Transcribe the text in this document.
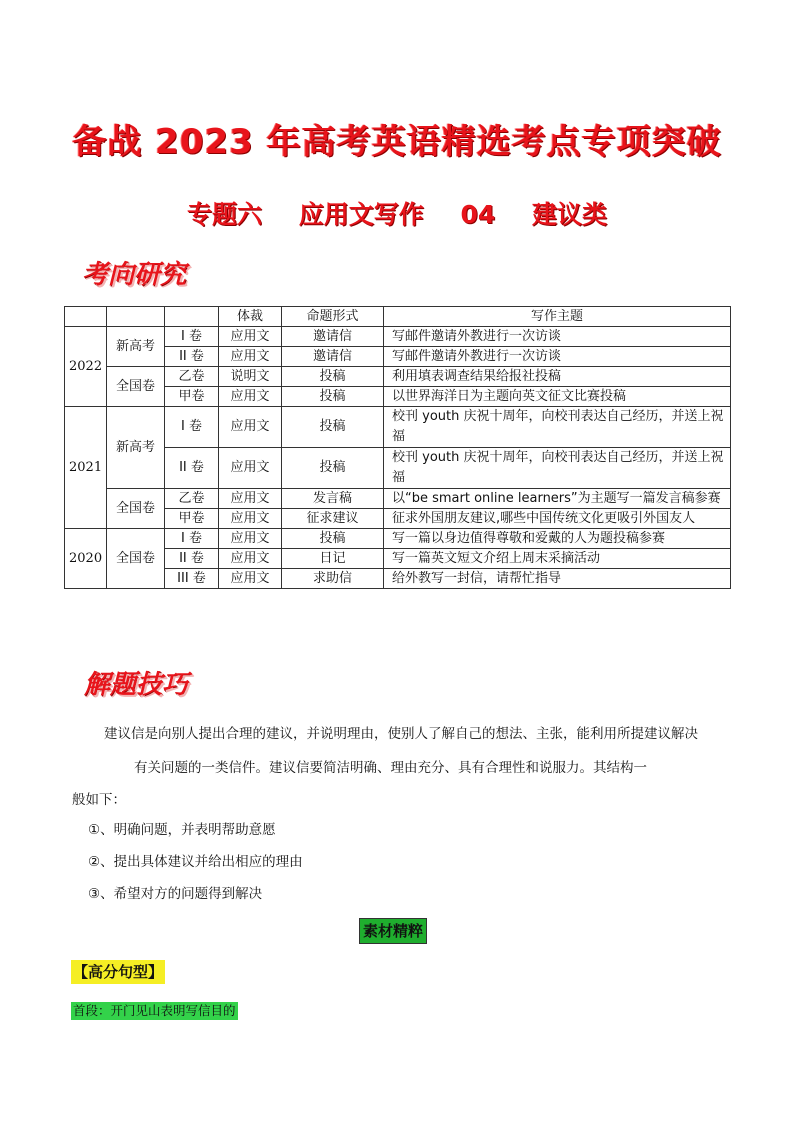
备战 2023 年高考英语精选考点专项突破
专题六 应用文写作 04 建议类
考向研究
			体裁	命题形式	写作主题
2022	新高考	I 卷	应用文	邀请信	写邮件邀请外教进行一次访谈
		II 卷	应用文	邀请信	写邮件邀请外教进行一次访谈
	全国卷	乙卷	说明文	投稿	利用填表调查结果给报社投稿
		甲卷	应用文	投稿	以世界海洋日为主题向英文征文比赛投稿
2021	新高考	I 卷	应用文	投稿	校刊 youth 庆祝十周年，向校刊表达自己经历，并送上祝福
		II 卷	应用文	投稿	校刊 youth 庆祝十周年，向校刊表达自己经历，并送上祝福
	全国卷	乙卷	应用文	发言稿	以“be smart online learners”为主题写一篇发言稿参赛
		甲卷	应用文	征求建议	征求外国朋友建议,哪些中国传统文化更吸引外国友人
2020	全国卷	I 卷	应用文	投稿	写一篇以身边值得尊敬和爱戴的人为题投稿参赛
		II 卷	应用文	日记	写一篇英文短文介绍上周末采摘活动
		III 卷	应用文	求助信	给外教写一封信，请帮忙指导
解题技巧
建议信是向别人提出合理的建议，并说明理由，使别人了解自己的想法、主张，能利用所提建议解决
有关问题的一类信件。建议信要简洁明确、理由充分、具有合理性和说服力。其结构一
般如下：
①、明确问题，并表明帮助意愿
②、提出具体建议并给出相应的理由
③、希望对方的问题得到解决
素材精粹
【高分句型】
首段：开门见山表明写信目的
